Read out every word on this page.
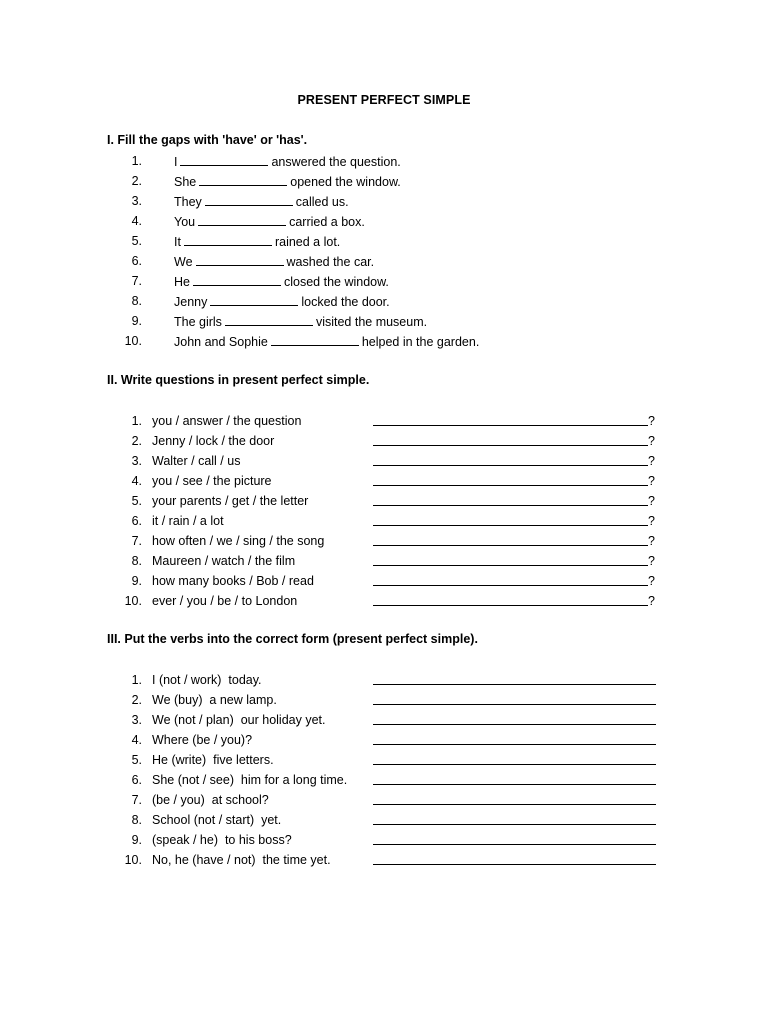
PRESENT PERFECT SIMPLE
I. Fill the gaps with 'have' or 'has'.
1.	I	answered the question.
2.	She	opened the window.
3.	They	called us.
4.	You	carried a box.
5.	It	rained a lot.
6.	We	washed the car.
7.	He	closed the window.
8.	Jenny	locked the door.
9.	The girls	visited the museum.
10.	John and Sophie	helped in the garden.
II. Write questions in present perfect simple.
1. you / answer / the question	?
2. Jenny / lock / the door	?
3. Walter / call / us	?
4. you / see / the picture	?
5. your parents / get / the letter	?
6. it / rain / a lot	?
7. how often / we / sing / the song	?
8. Maureen / watch / the film	?
9. how many books / Bob / read	?
10. ever / you / be / to London	?
III. Put the verbs into the correct form (present perfect simple).
1. I (not / work)  today.
2. We (buy)  a new lamp.
3. We (not / plan)  our holiday yet.
4. Where (be / you)?
5. He (write)  five letters.
6. She (not / see)  him for a long time.
7. (be / you)  at school?
8. School (not / start)  yet.
9. (speak / he)  to his boss?
10. No, he (have / not)  the time yet.
